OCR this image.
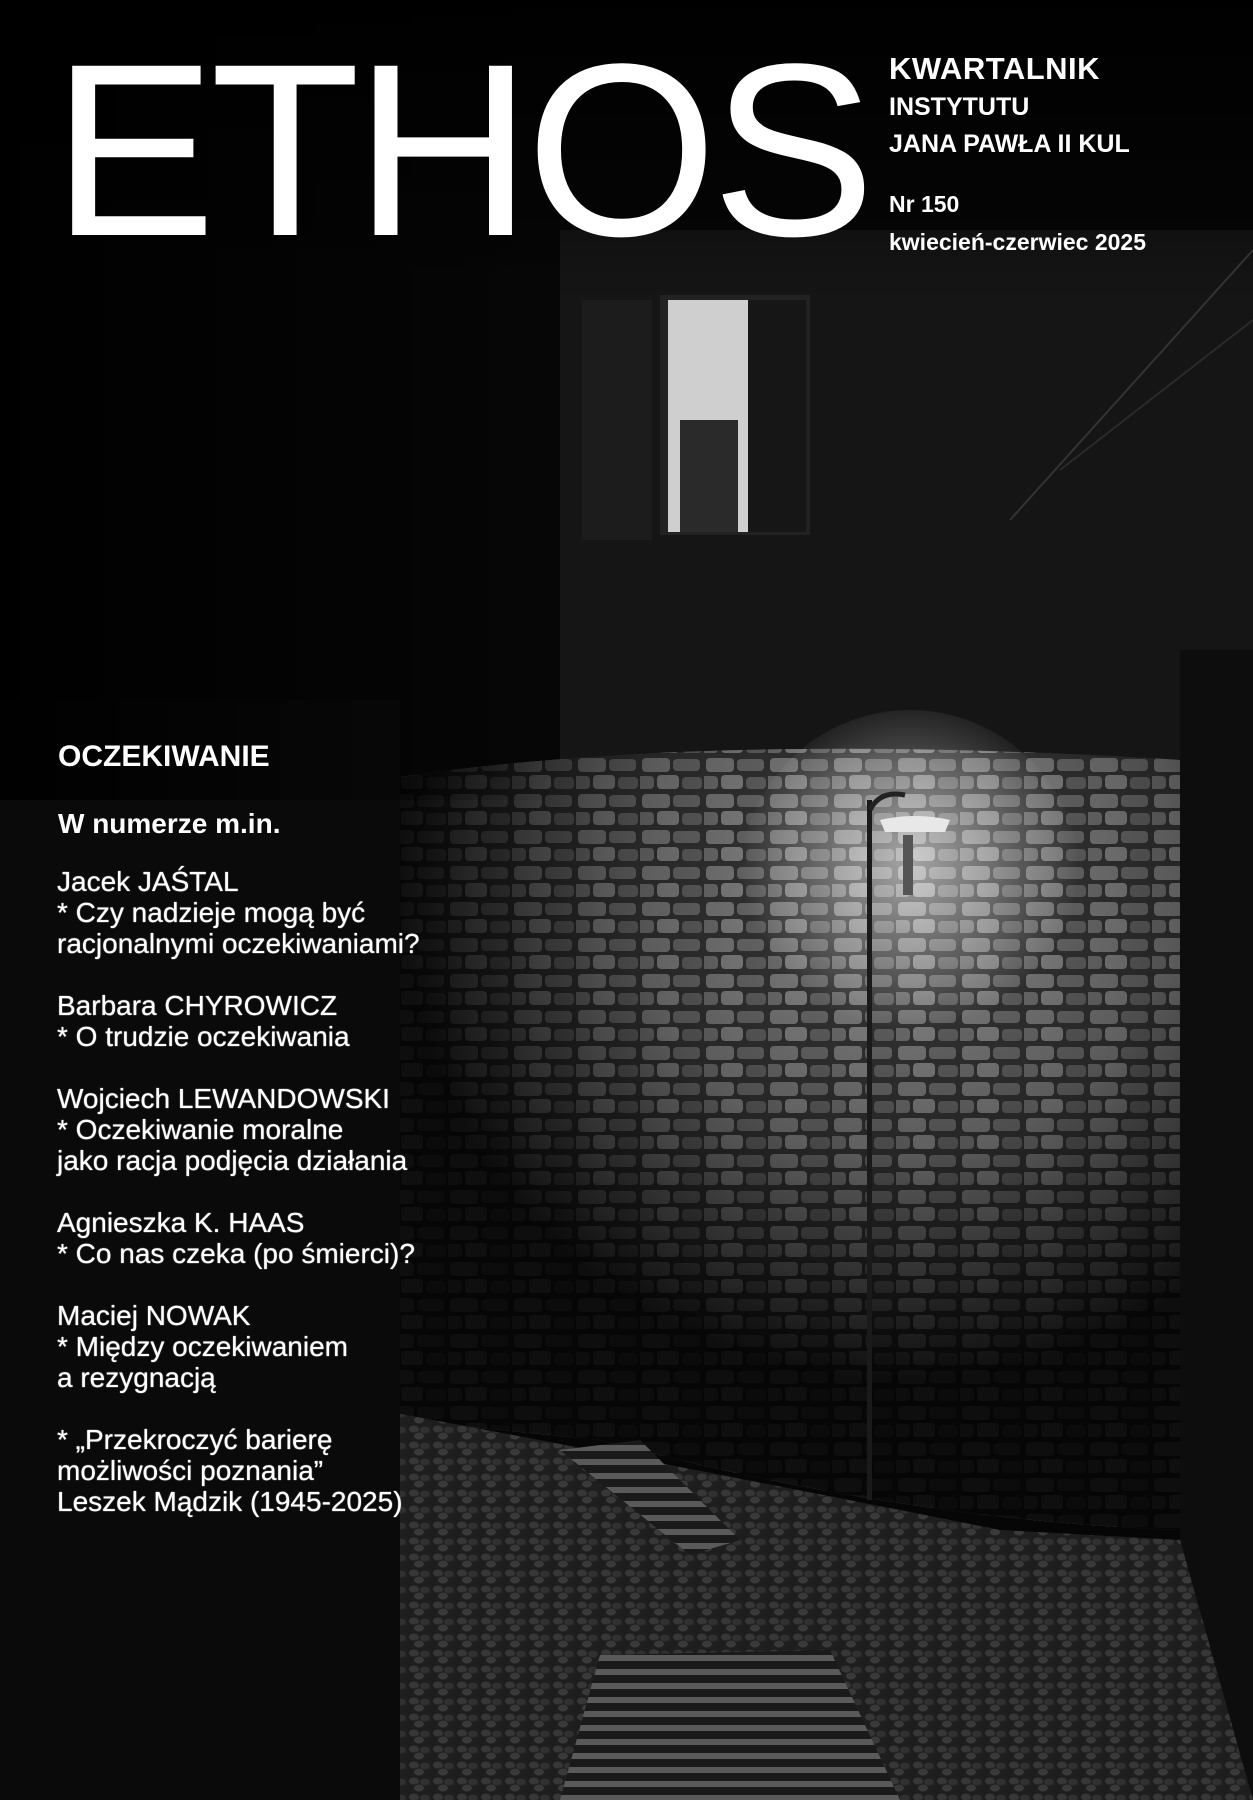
ETHOS KWARTALNIK
INSTYTUTU
JANA PAWŁA II KUL
Nr 150
kwiecień-czerwiec 2025
OCZEKIWANIE
W numerze m.in.
Jacek JAŚTAL
* Czy nadzieje mogą być
racjonalnymi oczekiwaniami?
Barbara CHYROWICZ
* O trudzie oczekiwania
Wojciech LEWANDOWSKI
* Oczekiwanie moralne
jako racja podjęcia działania
Agnieszka K. HAAS
* Co nas czeka (po śmierci)?
Maciej NOWAK
* Między oczekiwaniem
a rezygnacją
* „Przekroczyć barierę
możliwości poznania”
Leszek Mądzik (1945-2025)
